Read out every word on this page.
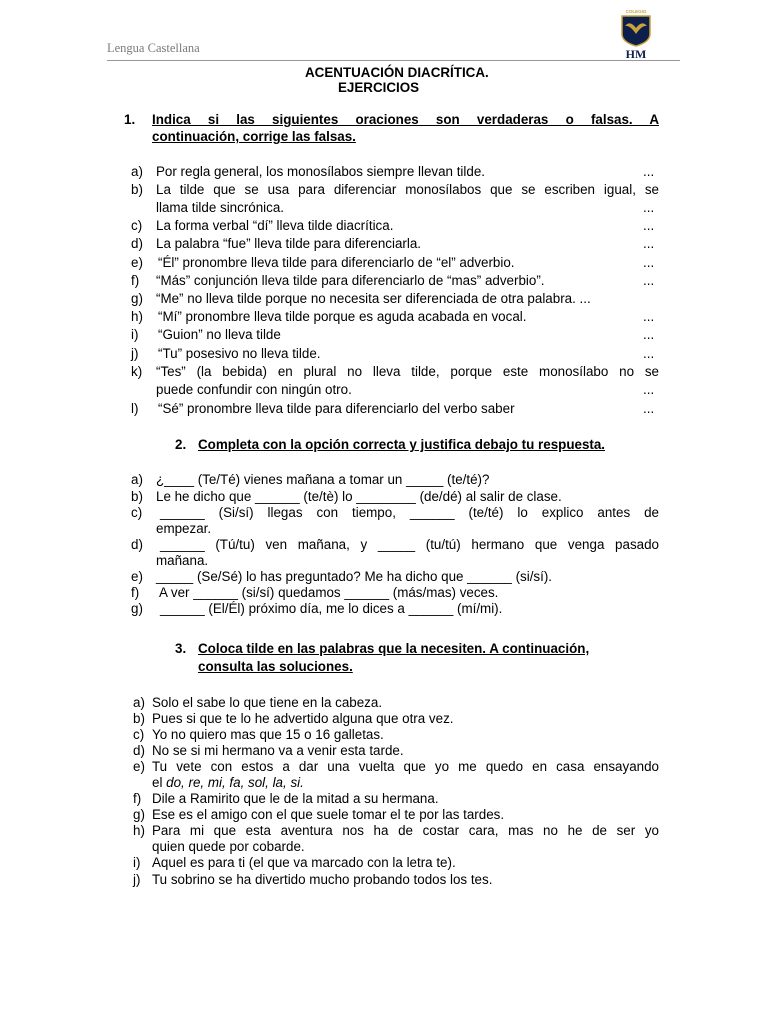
Lengua Castellana
COLEGIO
HM
ACENTUACIÓN DIACRÍTICA.
EJERCICIOS
1. Indica si las siguientes oraciones son verdaderas o falsas. A
continuación, corrige las falsas.
a) Por regla general, los monosílabos siempre llevan tilde.	...
b) La tilde que se usa para diferenciar monosílabos que se escriben igual, se
llama tilde sincrónica.	...
c) La forma verbal “dí” lleva tilde diacrítica.	...
d) La palabra “fue” lleva tilde para diferenciarla.	...
e) “Él” pronombre lleva tilde para diferenciarlo de “el” adverbio.	...
f) “Más” conjunción lleva tilde para diferenciarlo de “mas” adverbio”.	...
g) “Me” no lleva tilde porque no necesita ser diferenciada de otra palabra. ...
h) “Mí” pronombre lleva tilde porque es aguda acabada en vocal.	...
i) “Guion” no lleva tilde	...
j) “Tu” posesivo no lleva tilde.	...
k) “Tes” (la bebida) en plural no lleva tilde, porque este monosílabo no se
puede confundir con ningún otro.	...
l) “Sé” pronombre lleva tilde para diferenciarlo del verbo saber	...
2. Completa con la opción correcta y justifica debajo tu respuesta.
a) ¿____ (Te/Té) vienes mañana a tomar un _____ (te/té)?
b) Le he dicho que ______ (te/tè) lo ________ (de/dé) al salir de clase.
c) ______ (Si/sí) llegas con tiempo, ______ (te/té) lo explico antes de
empezar.
d) ______ (Tú/tu) ven mañana, y _____ (tu/tú) hermano que venga pasado
mañana.
e) _____ (Se/Sé) lo has preguntado? Me ha dicho que ______ (si/sí).
f) A ver ______ (si/sí) quedamos ______ (más/mas) veces.
g) ______ (El/Él) próximo día, me lo dices a ______ (mí/mi).
3. Coloca tilde en las palabras que la necesiten. A continuación,
consulta las soluciones.
a) Solo el sabe lo que tiene en la cabeza.
b) Pues si que te lo he advertido alguna que otra vez.
c) Yo no quiero mas que 15 o 16 galletas.
d) No se si mi hermano va a venir esta tarde.
e) Tu vete con estos a dar una vuelta que yo me quedo en casa ensayando
el do, re, mi, fa, sol, la, si.
f) Dile a Ramirito que le de la mitad a su hermana.
g) Ese es el amigo con el que suele tomar el te por las tardes.
h) Para mi que esta aventura nos ha de costar cara, mas no he de ser yo
quien quede por cobarde.
i) Aquel es para ti (el que va marcado con la letra te).
j) Tu sobrino se ha divertido mucho probando todos los tes.
